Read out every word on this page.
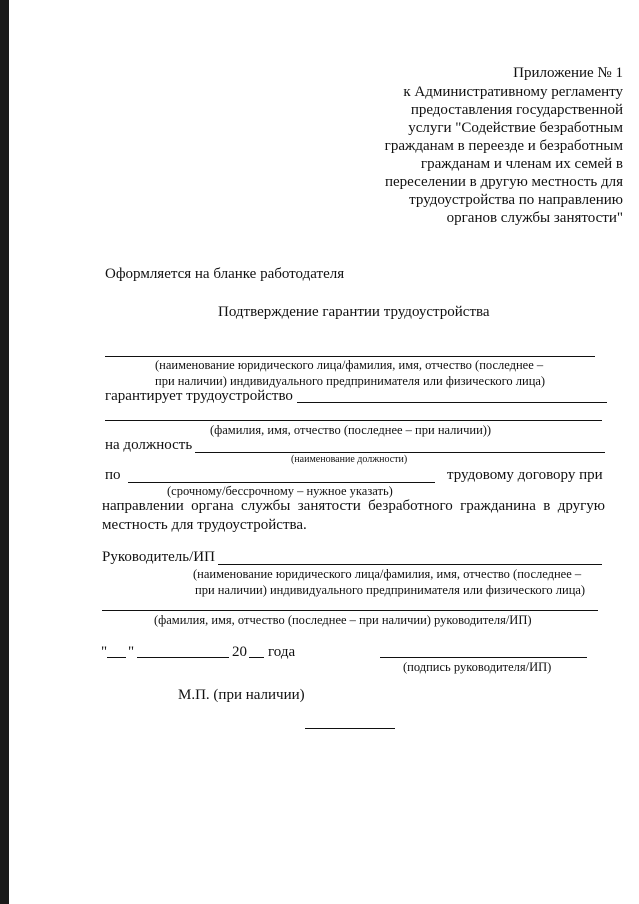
Приложение № 1
к Административному регламенту
предоставления государственной
услуги "Содействие безработным
гражданам в переезде и безработным
гражданам и членам их семей в
переселении в другую местность для
трудоустройства по направлению
органов службы занятости"
Оформляется на бланке работодателя
Подтверждение гарантии трудоустройства
(наименование юридического лица/фамилия, имя, отчество (последнее –
при наличии) индивидуального предпринимателя или физического лица)
гарантирует трудоустройство
(фамилия, имя, отчество (последнее – при наличии))
на должность
(наименование должности)
по	трудовому договору при
(срочному/бессрочному – нужное указать)
направлении органа службы занятости безработного гражданина в другую
местность для трудоустройства.
Руководитель/ИП
(наименование юридического лица/фамилия, имя, отчество (последнее –
при наличии) индивидуального предпринимателя или физического лица)
(фамилия, имя, отчество (последнее – при наличии) руководителя/ИП)
" "	20 года
(подпись руководителя/ИП)
М.П. (при наличии)
